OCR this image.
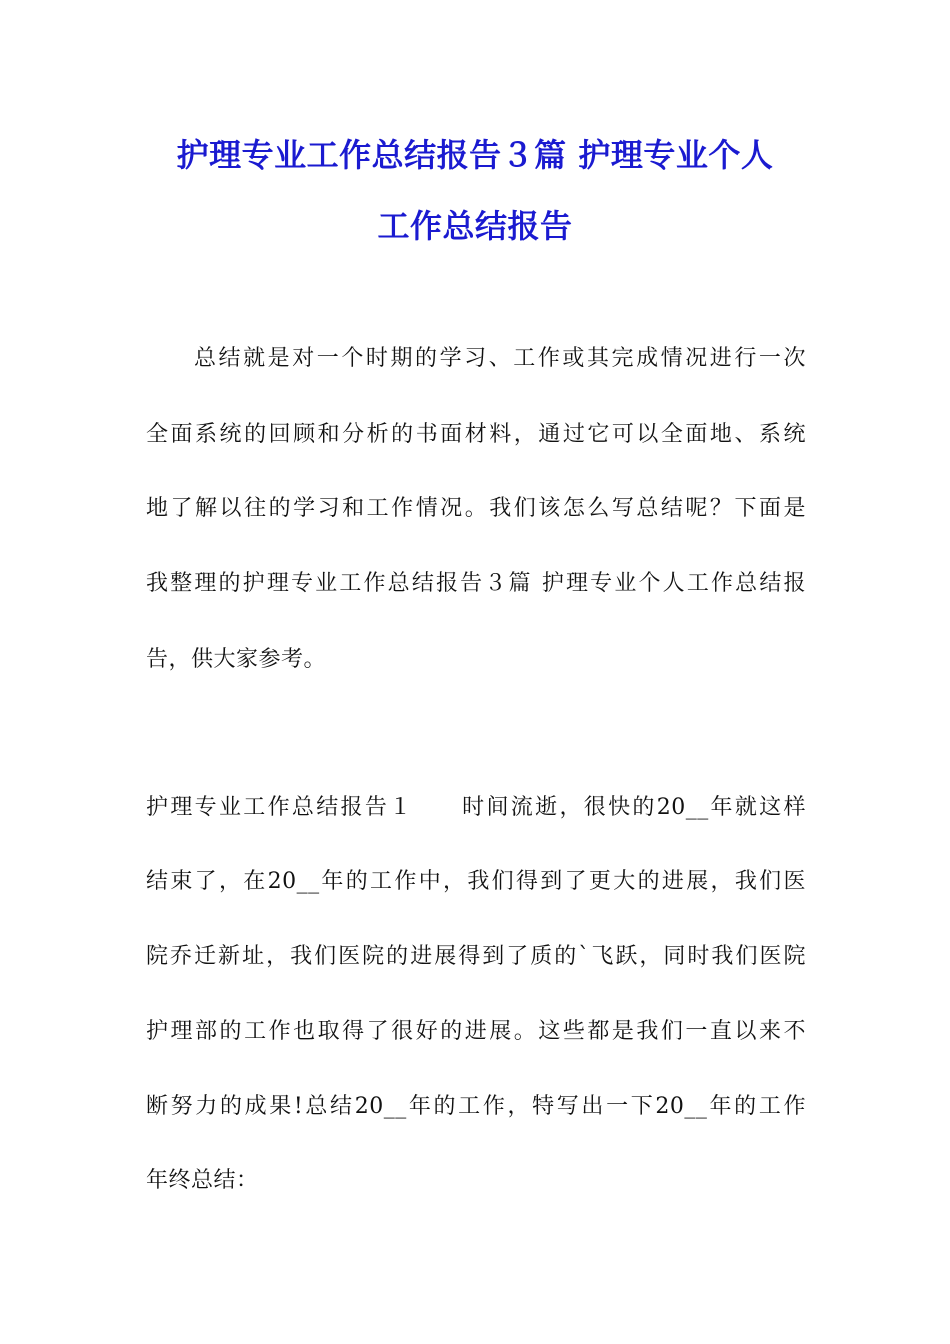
护理专业工作总结报告３篇 护理专业个人
工作总结报告
总结就是对一个时期的学习、工作或其完成情况进行一次
全面系统的回顾和分析的书面材料，通过它可以全面地、系统
地了解以往的学习和工作情况。我们该怎么写总结呢？下面是
我整理的护理专业工作总结报告３篇 护理专业个人工作总结报
告，供大家参考。
护理专业工作总结报告１　　时间流逝，很快的20__年就这样
结束了，在20__年的工作中，我们得到了更大的进展，我们医
院乔迁新址，我们医院的进展得到了质的`飞跃，同时我们医院
护理部的工作也取得了很好的进展。这些都是我们一直以来不
断努力的成果!总结20__年的工作，特写出一下20__年的工作
年终总结：
